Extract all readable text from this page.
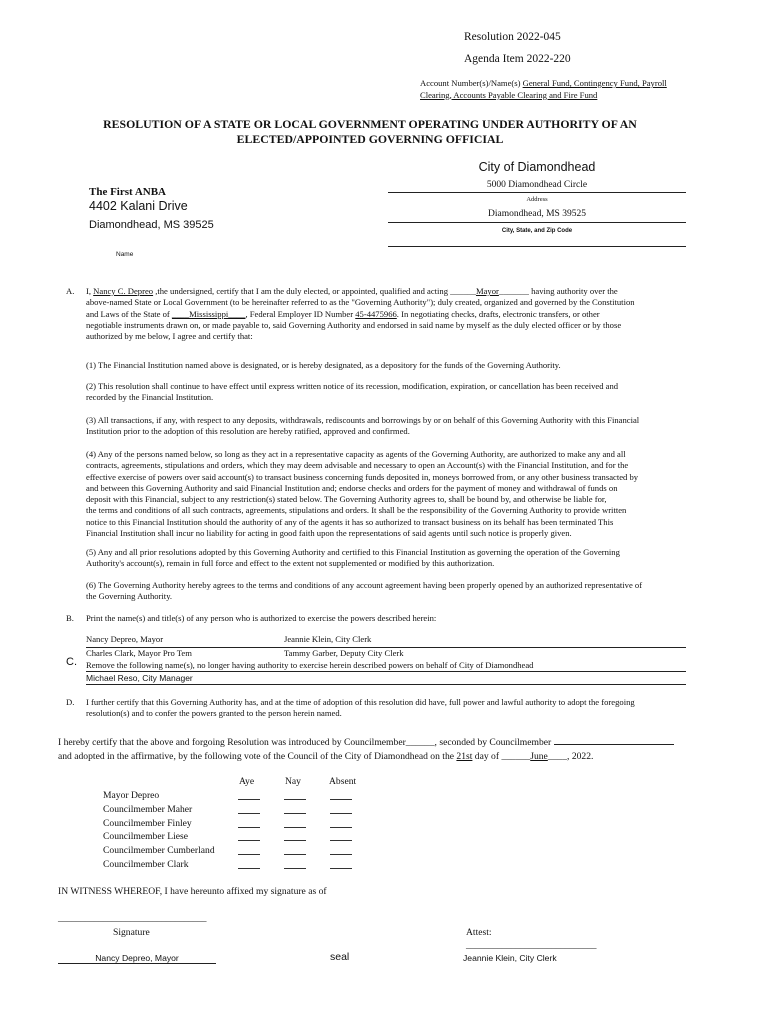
Resolution 2022-045
Agenda Item 2022-220
Account Number(s)/Name(s) General Fund, Contingency Fund, Payroll
Clearing, Accounts Payable Clearing and Fire Fund
RESOLUTION OF A STATE OR LOCAL GOVERNMENT OPERATING UNDER AUTHORITY OF AN
ELECTED/APPOINTED GOVERNING OFFICIAL
The First ANBA
4402 Kalani Drive
Diamondhead, MS 39525
Name
City of Diamondhead
5000 Diamondhead Circle
Address
Diamondhead, MS 39525
City, State, and Zip Code
A. I, Nancy C. Depreo ,the undersigned, certify that I am the duly elected, or appointed, qualified and acting ______Mayor_______ having authority over the
above-named State or Local Government (to be hereinafter referred to as the "Governing Authority"); duly created, organized and governed by the Constitution
and Laws of the State of ____Mississippi____, Federal Employer ID Number 45-4475966. In negotiating checks, drafts, electronic transfers, or other
negotiable instruments drawn on, or made payable to, said Governing Authority and endorsed in said name by myself as the duly elected officer or by those
authorized by me below, I agree and certify that:
(1) The Financial Institution named above is designated, or is hereby designated, as a depository for the funds of the Governing Authority.
(2) This resolution shall continue to have effect until express written notice of its recession, modification, expiration, or cancellation has been received and
recorded by the Financial Institution.
(3) All transactions, if any, with respect to any deposits, withdrawals, rediscounts and borrowings by or on behalf of this Governing Authority with this Financial
Institution prior to the adoption of this resolution are hereby ratified, approved and confirmed.
(4) Any of the persons named below, so long as they act in a representative capacity as agents of the Governing Authority, are authorized to make any and all
contracts, agreements, stipulations and orders, which they may deem advisable and necessary to open an Account(s) with the Financial Institution, and for the
effective exercise of powers over said account(s) to transact business concerning funds deposited in, moneys borrowed from, or any other business transacted by
and between this Governing Authority and said Financial Institution and; endorse checks and orders for the payment of money and withdrawal of funds on
deposit with this Financial, subject to any restriction(s) stated below. The Governing Authority agrees to, shall be bound by, and otherwise be liable for,
the terms and conditions of all such contracts, agreements, stipulations and orders. It shall be the responsibility of the Governing Authority to provide written
notice to this Financial Institution should the authority of any of the agents it has so authorized to transact business on its behalf has been terminated This
Financial Institution shall incur no liability for acting in good faith upon the representations of said agents until such notice is properly given.
(5) Any and all prior resolutions adopted by this Governing Authority and certified to this Financial Institution as governing the operation of the Governing
Authority's account(s), remain in full force and effect to the extent not supplemented or modified by this authorization.
(6) The Governing Authority hereby agrees to the terms and conditions of any account agreement having been properly opened by an authorized representative of
the Governing Authority.
B. Print the name(s) and title(s) of any person who is authorized to exercise the powers described herein:
Nancy Depreo, Mayor	Jeannie Klein, City Clerk
Charles Clark, Mayor Pro Tem	Tammy Garber, Deputy City Clerk
C. Remove the following name(s), no longer having authority to exercise herein described powers on behalf of City of Diamondhead
Michael Reso, City Manager
D. I further certify that this Governing Authority has, and at the time of adoption of this resolution did have, full power and lawful authority to adopt the foregoing
resolution(s) and to confer the powers granted to the person herein named.
I hereby certify that the above and forgoing Resolution was introduced by Councilmember______, seconded by Councilmember
and adopted in the affirmative, by the following vote of the Council of the City of Diamondhead on the 21st day of ______June____, 2022.
Aye	Nay	Absent
Mayor Depreo
Councilmember Maher
Councilmember Finley
Councilmember Liese
Councilmember Cumberland
Councilmember Clark
IN WITNESS WHEREOF, I have hereunto affixed my signature as of
_________________________________
Signature	Attest:
_____________________________
Nancy Depreo, Mayor	seal	Jeannie Klein, City Clerk
